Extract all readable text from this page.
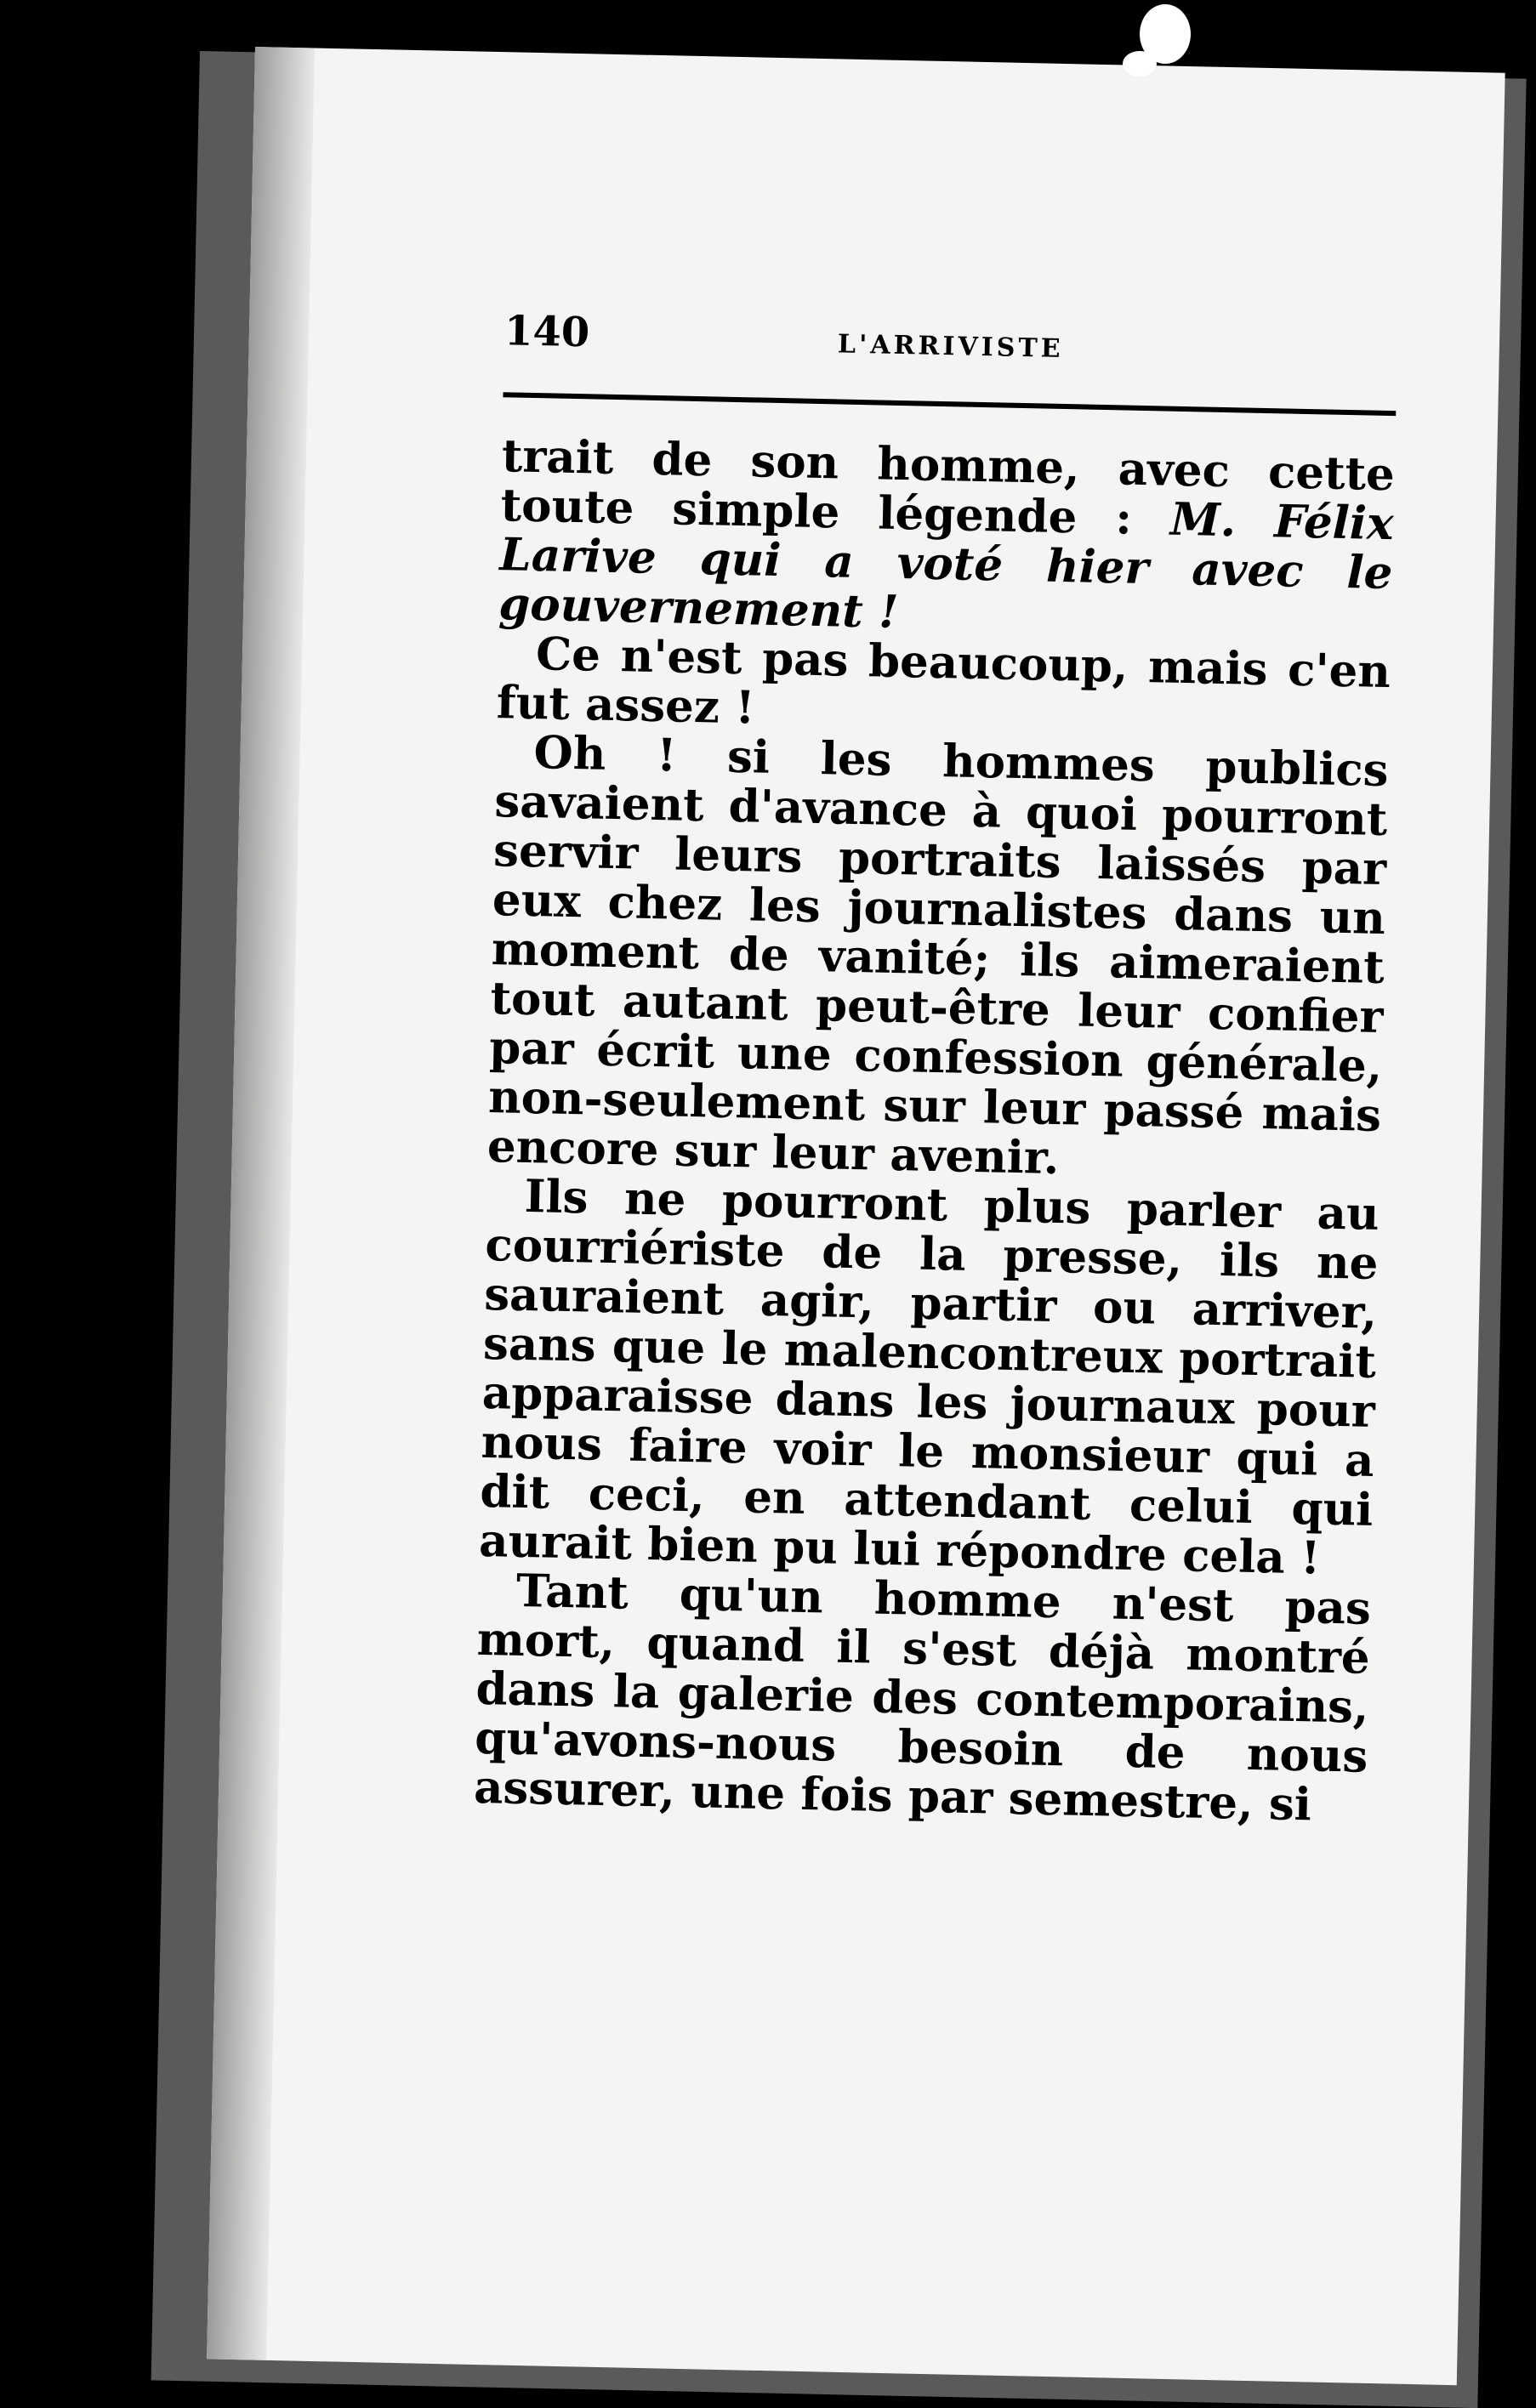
140	L'ARRIVISTE

trait de son homme, avec cette toute simple légende : M. Félix Larive qui a voté hier avec le gouvernement !

Ce n'est pas beaucoup, mais c'en fut assez !

Oh ! si les hommes publics savaient d'avance à quoi pourront servir leurs portraits laissés par eux chez les journalistes dans un moment de vanité; ils aimeraient tout autant peut-être leur confier par écrit une confession générale, non-seulement sur leur passé mais encore sur leur avenir.

Ils ne pourront plus parler au courriériste de la presse, ils ne sauraient agir, partir ou arriver, sans que le malencontreux portrait apparaisse dans les journaux pour nous faire voir le monsieur qui a dit ceci, en attendant celui qui aurait bien pu lui répondre cela !

Tant qu'un homme n'est pas mort, quand il s'est déjà montré dans la galerie des contemporains, qu'avons-nous besoin de nous assurer, une fois par semestre, si
